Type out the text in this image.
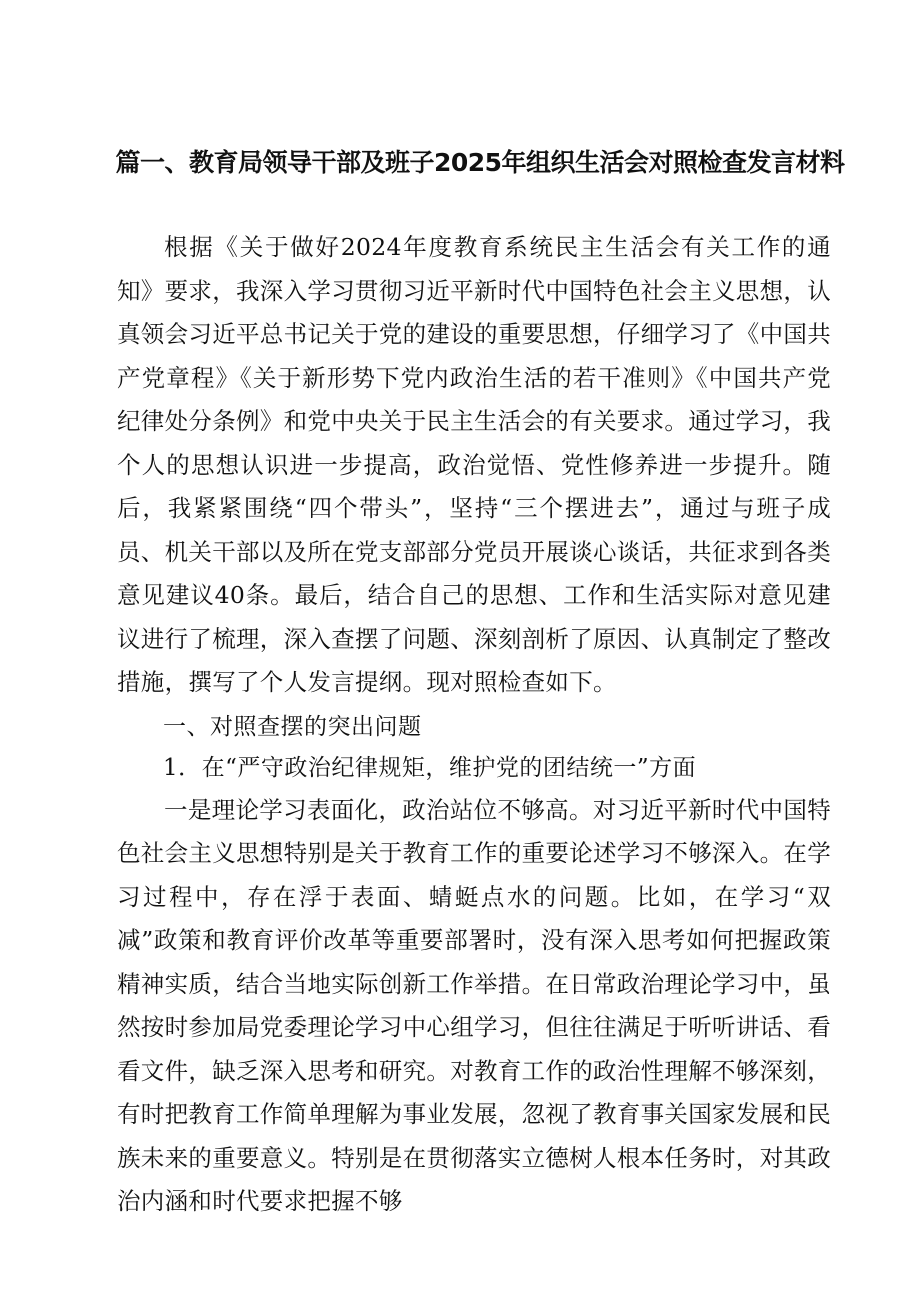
篇一、教育局领导干部及班子2025年组织生活会对照检查发言材料

根据《关于做好2024年度教育系统民主生活会有关工作的通知》要求，我深入学习贯彻习近平新时代中国特色社会主义思想，认真领会习近平总书记关于党的建设的重要思想，仔细学习了《中国共产党章程》《关于新形势下党内政治生活的若干准则》《中国共产党纪律处分条例》和党中央关于民主生活会的有关要求。通过学习，我个人的思想认识进一步提高，政治觉悟、党性修养进一步提升。随后，我紧紧围绕“四个带头”，坚持“三个摆进去”，通过与班子成员、机关干部以及所在党支部部分党员开展谈心谈话，共征求到各类意见建议40条。最后，结合自己的思想、工作和生活实际对意见建议进行了梳理，深入查摆了问题、深刻剖析了原因、认真制定了整改措施，撰写了个人发言提纲。现对照检查如下。

一、对照查摆的突出问题

1．在“严守政治纪律规矩，维护党的团结统一”方面

一是理论学习表面化，政治站位不够高。对习近平新时代中国特色社会主义思想特别是关于教育工作的重要论述学习不够深入。在学习过程中，存在浮于表面、蜻蜓点水的问题。比如，在学习“双减”政策和教育评价改革等重要部署时，没有深入思考如何把握政策精神实质，结合当地实际创新工作举措。在日常政治理论学习中，虽然按时参加局党委理论学习中心组学习，但往往满足于听听讲话、看看文件，缺乏深入思考和研究。对教育工作的政治性理解不够深刻，有时把教育工作简单理解为事业发展，忽视了教育事关国家发展和民族未来的重要意义。特别是在贯彻落实立德树人根本任务时，对其政治内涵和时代要求把握不够
